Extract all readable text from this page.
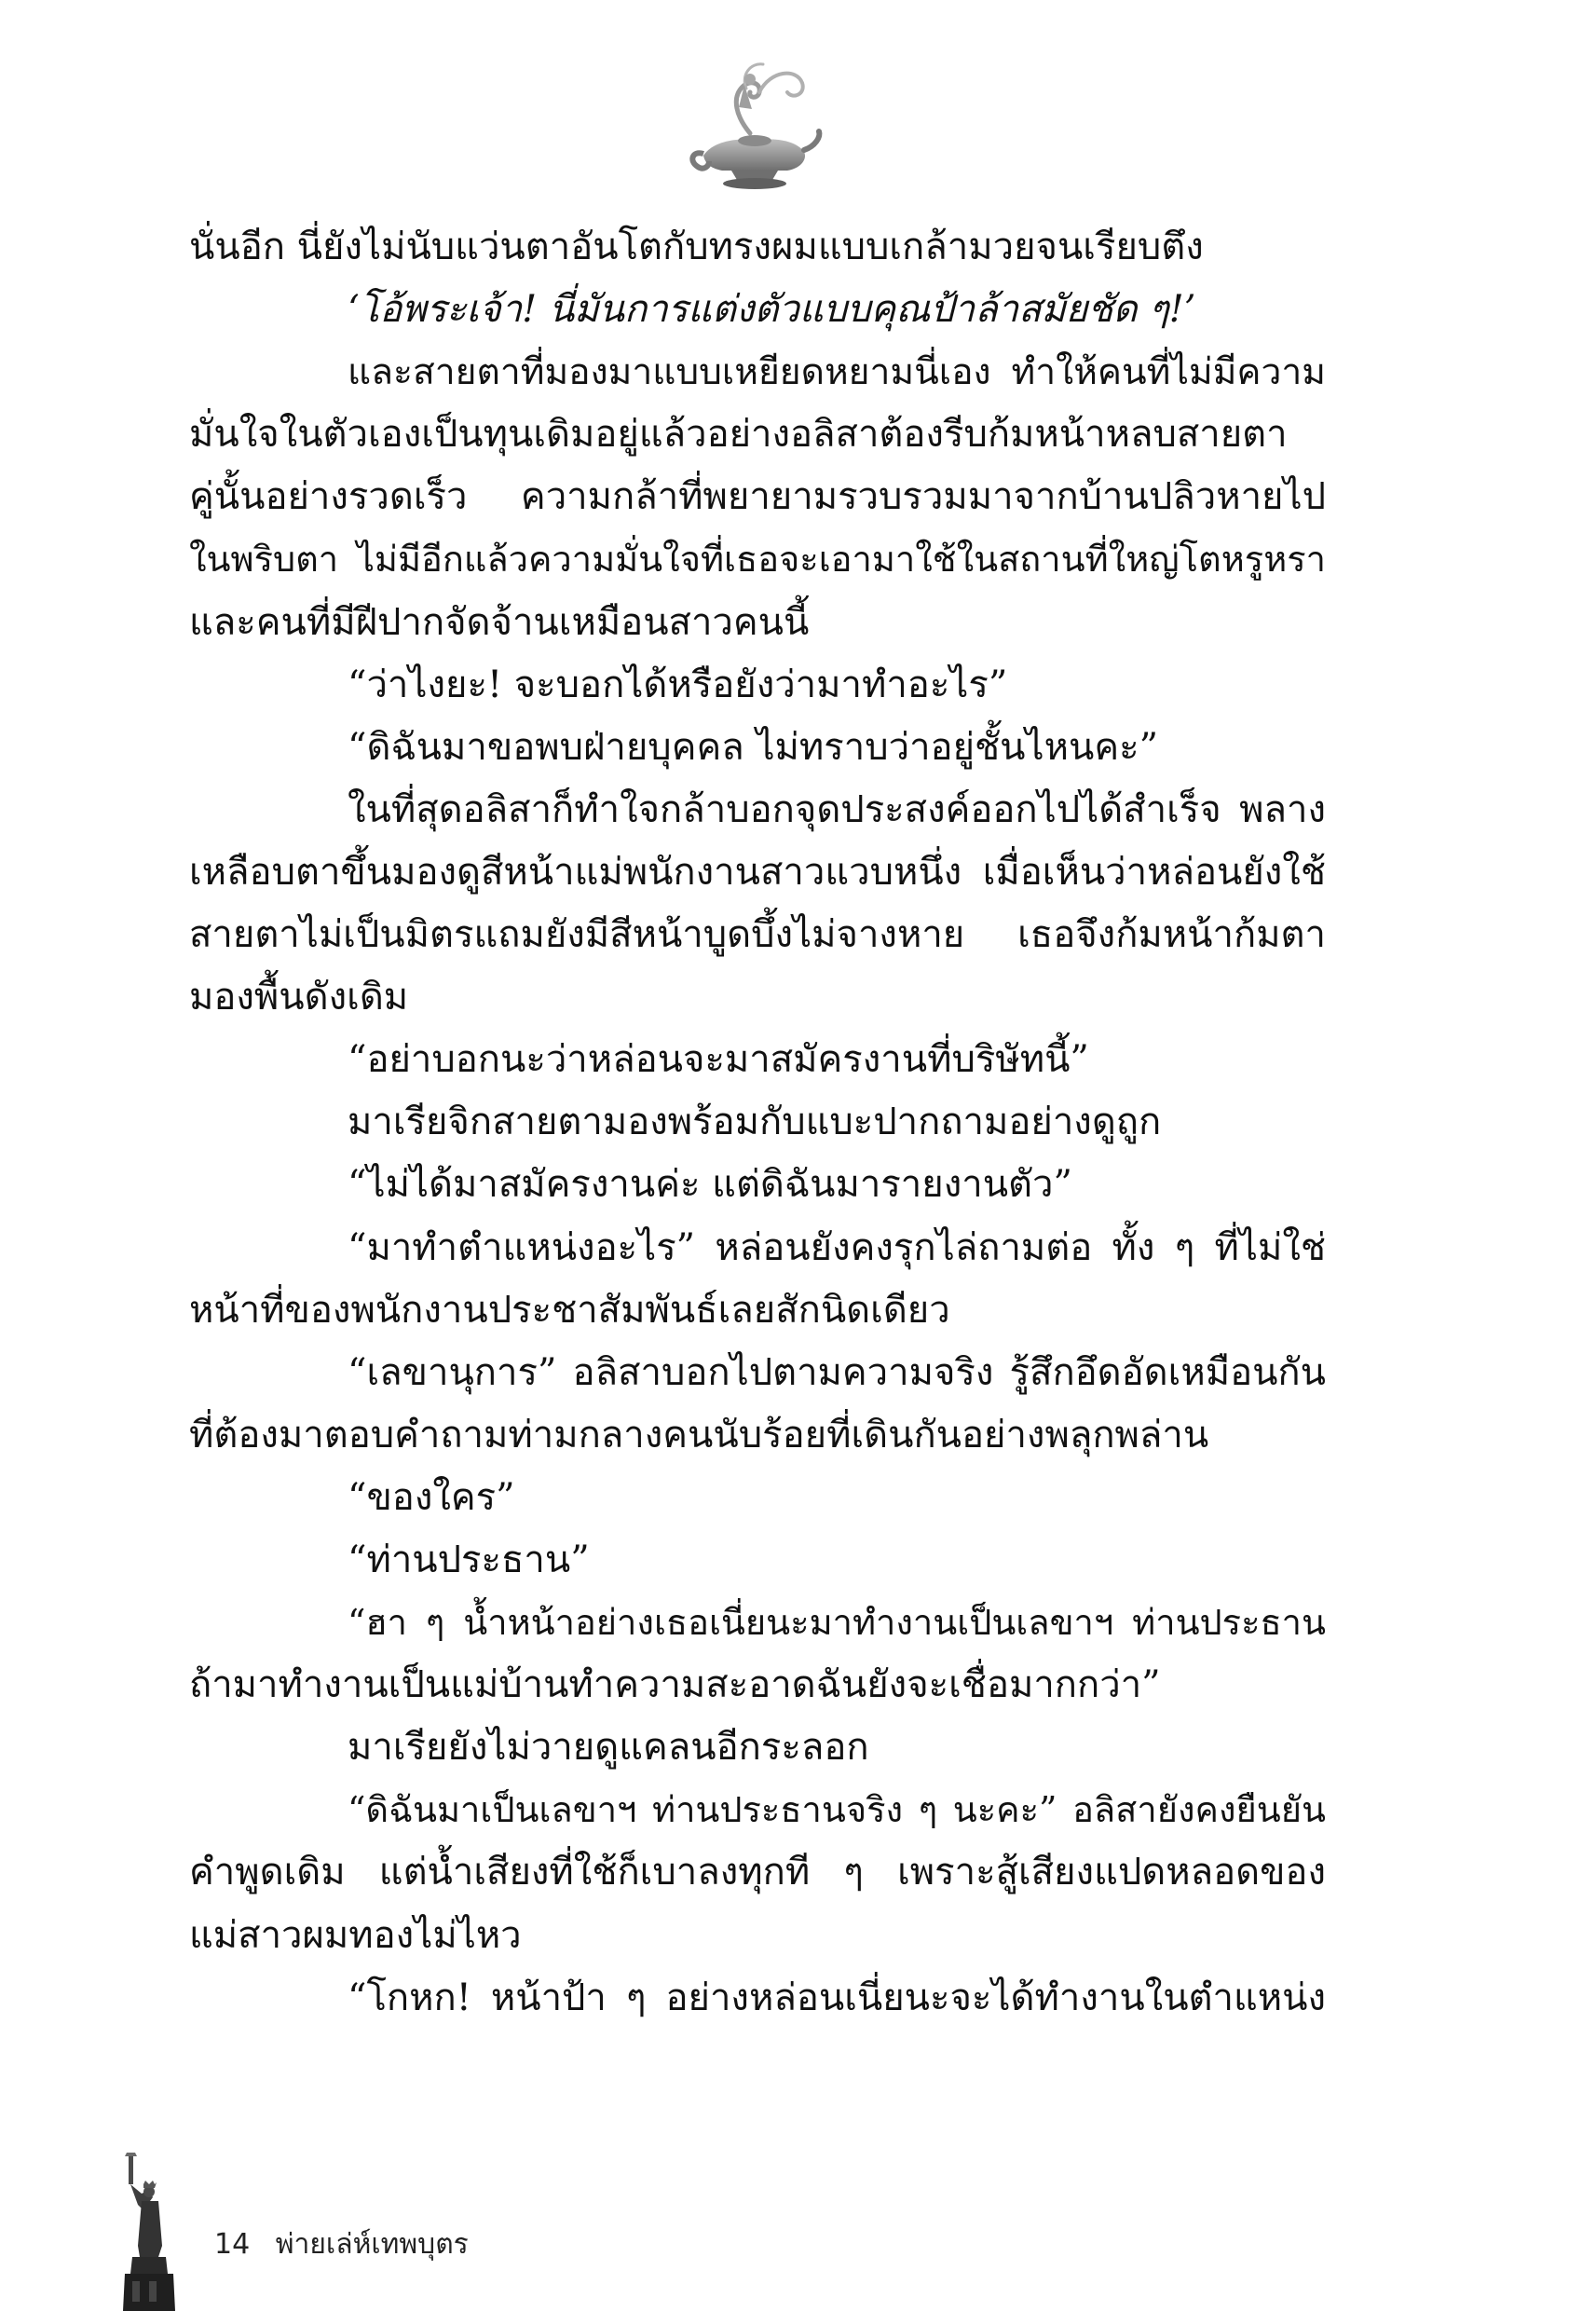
นั่นอีก นี่ยังไม่นับแว่นตาอันโตกับทรงผมแบบเกล้ามวยจนเรียบตึง
‘โอ้พระเจ้า! นี่มันการแต่งตัวแบบคุณป้าล้าสมัยชัด ๆ!’
และสายตาที่มองมาแบบเหยียดหยามนี่เอง ทำให้คนที่ไม่มีความ
มั่นใจในตัวเองเป็นทุนเดิมอยู่แล้วอย่างอลิสาต้องรีบก้มหน้าหลบสายตา
คู่นั้นอย่างรวดเร็ว ความกล้าที่พยายามรวบรวมมาจากบ้านปลิวหายไป
ในพริบตา ไม่มีอีกแล้วความมั่นใจที่เธอจะเอามาใช้ในสถานที่ใหญ่โตหรูหรา
และคนที่มีฝีปากจัดจ้านเหมือนสาวคนนี้
“ว่าไงยะ! จะบอกได้หรือยังว่ามาทำอะไร”
“ดิฉันมาขอพบฝ่ายบุคคล ไม่ทราบว่าอยู่ชั้นไหนคะ”
ในที่สุดอลิสาก็ทำใจกล้าบอกจุดประสงค์ออกไปได้สำเร็จ พลาง
เหลือบตาขึ้นมองดูสีหน้าแม่พนักงานสาวแวบหนึ่ง เมื่อเห็นว่าหล่อนยังใช้
สายตาไม่เป็นมิตรแถมยังมีสีหน้าบูดบึ้งไม่จางหาย เธอจึงก้มหน้าก้มตา
มองพื้นดังเดิม
“อย่าบอกนะว่าหล่อนจะมาสมัครงานที่บริษัทนี้”
มาเรียจิกสายตามองพร้อมกับแบะปากถามอย่างดูถูก
“ไม่ได้มาสมัครงานค่ะ แต่ดิฉันมารายงานตัว”
“มาทำตำแหน่งอะไร” หล่อนยังคงรุกไล่ถามต่อ ทั้ง ๆ ที่ไม่ใช่
หน้าที่ของพนักงานประชาสัมพันธ์เลยสักนิดเดียว
“เลขานุการ” อลิสาบอกไปตามความจริง รู้สึกอึดอัดเหมือนกัน
ที่ต้องมาตอบคำถามท่ามกลางคนนับร้อยที่เดินกันอย่างพลุกพล่าน
“ของใคร”
“ท่านประธาน”
“ฮา ๆ น้ำหน้าอย่างเธอเนี่ยนะมาทำงานเป็นเลขาฯ ท่านประธาน
ถ้ามาทำงานเป็นแม่บ้านทำความสะอาดฉันยังจะเชื่อมากกว่า”
มาเรียยังไม่วายดูแคลนอีกระลอก
“ดิฉันมาเป็นเลขาฯ ท่านประธานจริง ๆ นะคะ” อลิสายังคงยืนยัน
คำพูดเดิม แต่น้ำเสียงที่ใช้ก็เบาลงทุกที ๆ เพราะสู้เสียงแปดหลอดของ
แม่สาวผมทองไม่ไหว
“โกหก! หน้าป้า ๆ อย่างหล่อนเนี่ยนะจะได้ทำงานในตำแหน่ง
14 พ่ายเล่ห์เทพบุตร
